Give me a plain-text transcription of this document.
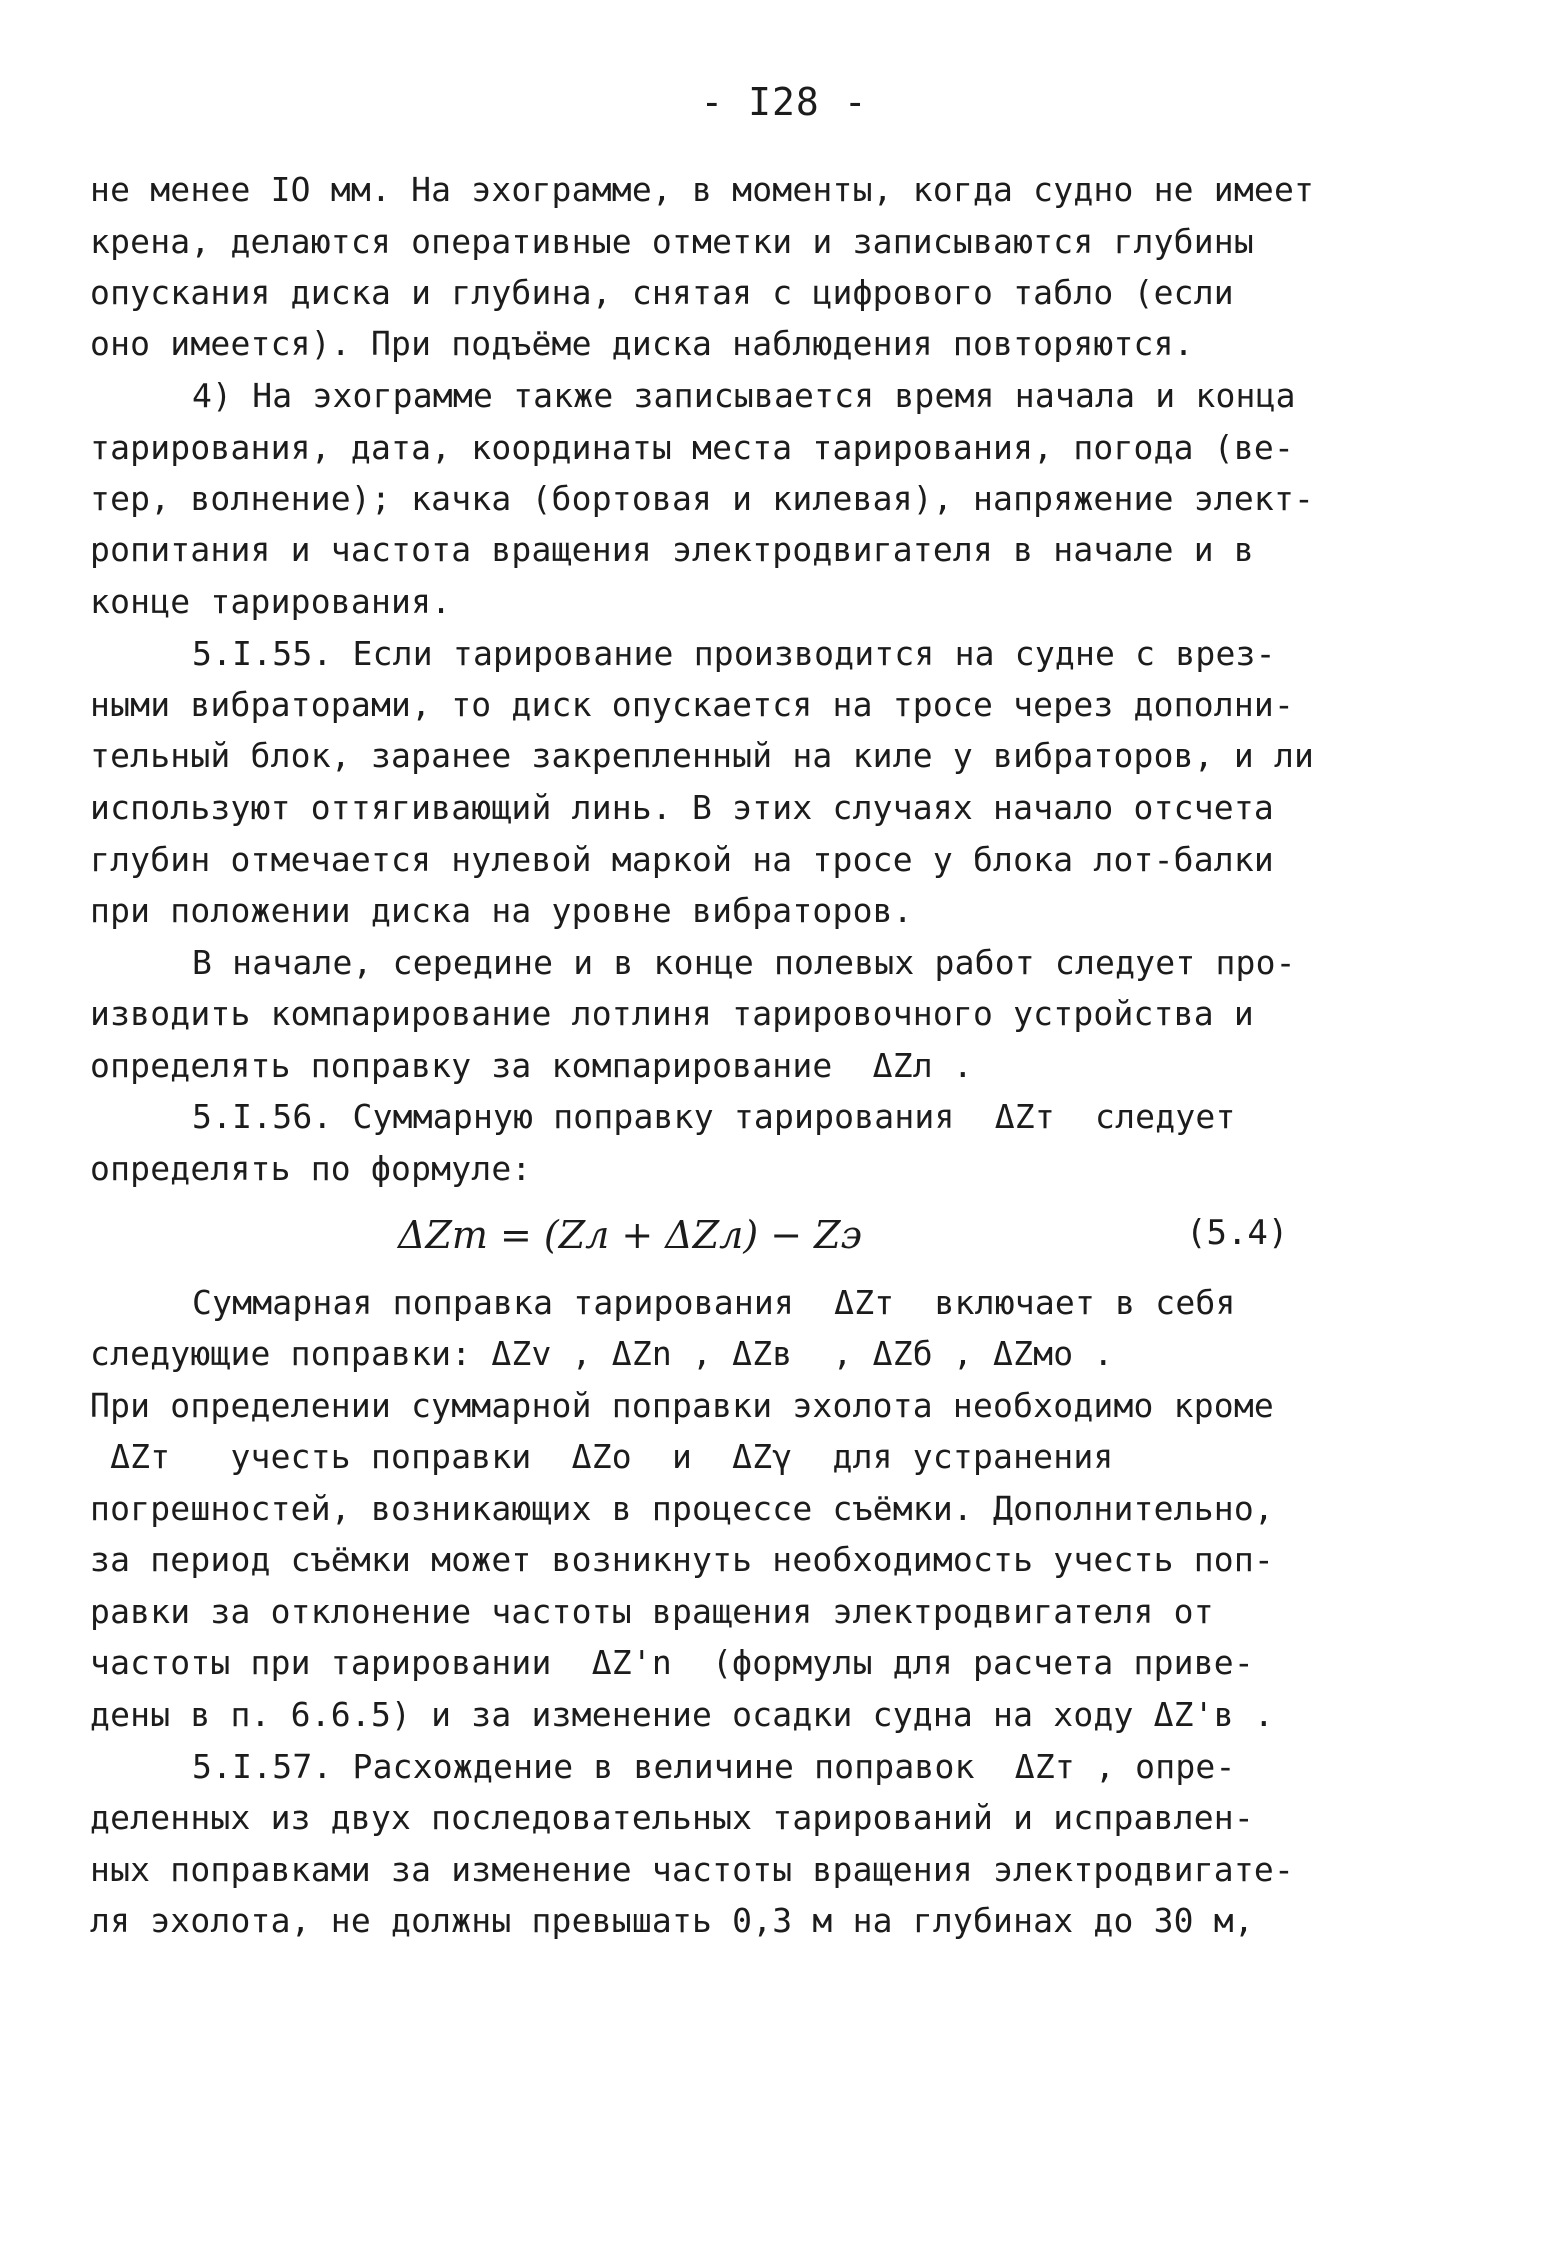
- I28 -
не менее IО мм. На эхограмме, в моменты, когда судно не имеет
крена, делаются оперативные отметки и записываются глубины
опускания диска и глубина, снятая с цифрового табло (если
оно имеется). При подъёме диска наблюдения повторяются.
4) На эхограмме также записывается время начала и конца
тарирования, дата, координаты места тарирования, погода (ве-
тер, волнение); качка (бортовая и килевая), напряжение элект-
ропитания и частота вращения электродвигателя в начале и в
конце тарирования.
5.I.55. Если тарирование производится на судне с врез-
ными вибраторами, то диск опускается на тросе через дополни-
тельный блок, заранее закрепленный на киле у вибраторов, и ли
используют оттягивающий линь. В этих случаях начало отсчета
глубин отмечается нулевой маркой на тросе у блока лот-балки
при положении диска на уровне вибраторов.
В начале, середине и в конце полевых работ следует про-
изводить компарирование лотлиня тарировочного устройства и
определять поправку за компарирование  ΔZл .
5.I.56. Суммарную поправку тарирования  ΔZт  следует
определять по формуле:
ΔZт = (Zл + ΔZл) − Zэ	(5.4)
Суммарная поправка тарирования  ΔZт  включает в себя
следующие поправки: ΔZv , ΔZn , ΔZв  , ΔZб , ΔZмо .
При определении суммарной поправки эхолота необходимо кроме
ΔZт   учесть поправки  ΔZо  и  ΔZγ  для устранения
погрешностей, возникающих в процессе съёмки. Дополнительно,
за период съёмки может возникнуть необходимость учесть поп-
равки за отклонение частоты вращения электродвигателя от
частоты при тарировании  ΔZ'n  (формулы для расчета приве-
дены в п. 6.6.5) и за изменение осадки судна на ходу ΔZ'в .
5.I.57. Расхождение в величине поправок  ΔZт , опре-
деленных из двух последовательных тарирований и исправлен-
ных поправками за изменение частоты вращения электродвигате-
ля эхолота, не должны превышать 0,3 м на глубинах до 30 м,
